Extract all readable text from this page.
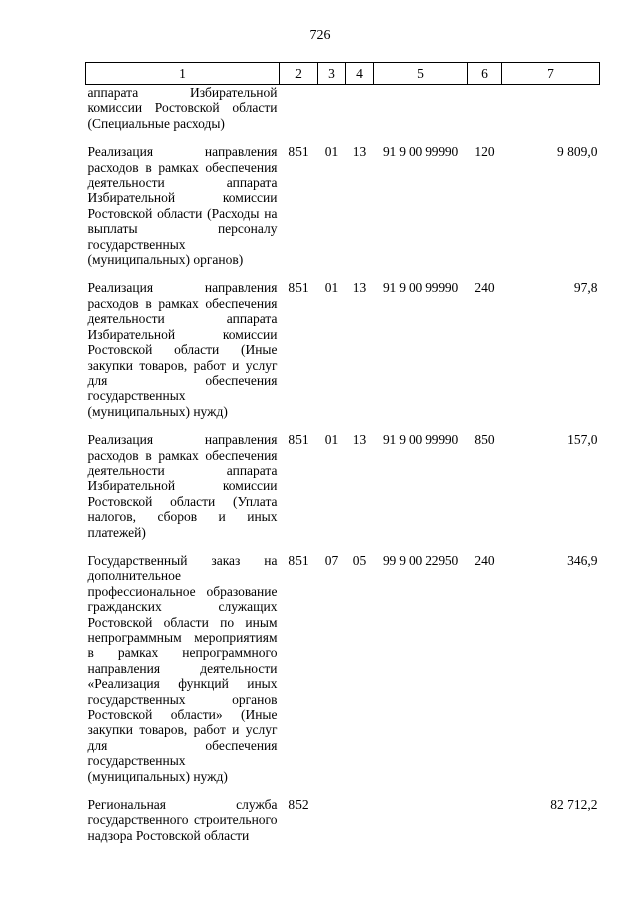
726
1	2	3	4	5	6	7
аппарата Избирательной комиссии Ростовской области (Специальные расходы)						
Реализация направления расходов в рамках обеспечения деятельности аппарата Избирательной комиссии Ростовской области (Расходы на выплаты персоналу государственных (муниципальных) органов)	851	01	13	91 9 00 99990	120	9 809,0
Реализация направления расходов в рамках обеспечения деятельности аппарата Избирательной комиссии Ростовской области (Иные закупки товаров, работ и услуг для обеспечения государственных (муниципальных) нужд)	851	01	13	91 9 00 99990	240	97,8
Реализация направления расходов в рамках обеспечения деятельности аппарата Избирательной комиссии Ростовской области (Уплата налогов, сборов и иных платежей)	851	01	13	91 9 00 99990	850	157,0
Государственный заказ на дополнительное профессиональное образование гражданских служащих Ростовской области по иным непрограммным мероприятиям в рамках непрограммного направления деятельности «Реализация функций иных государственных органов Ростовской области» (Иные закупки товаров, работ и услуг для обеспечения государственных (муниципальных) нужд)	851	07	05	99 9 00 22950	240	346,9
Региональная служба государственного строительного надзора Ростовской области	852					82 712,2
